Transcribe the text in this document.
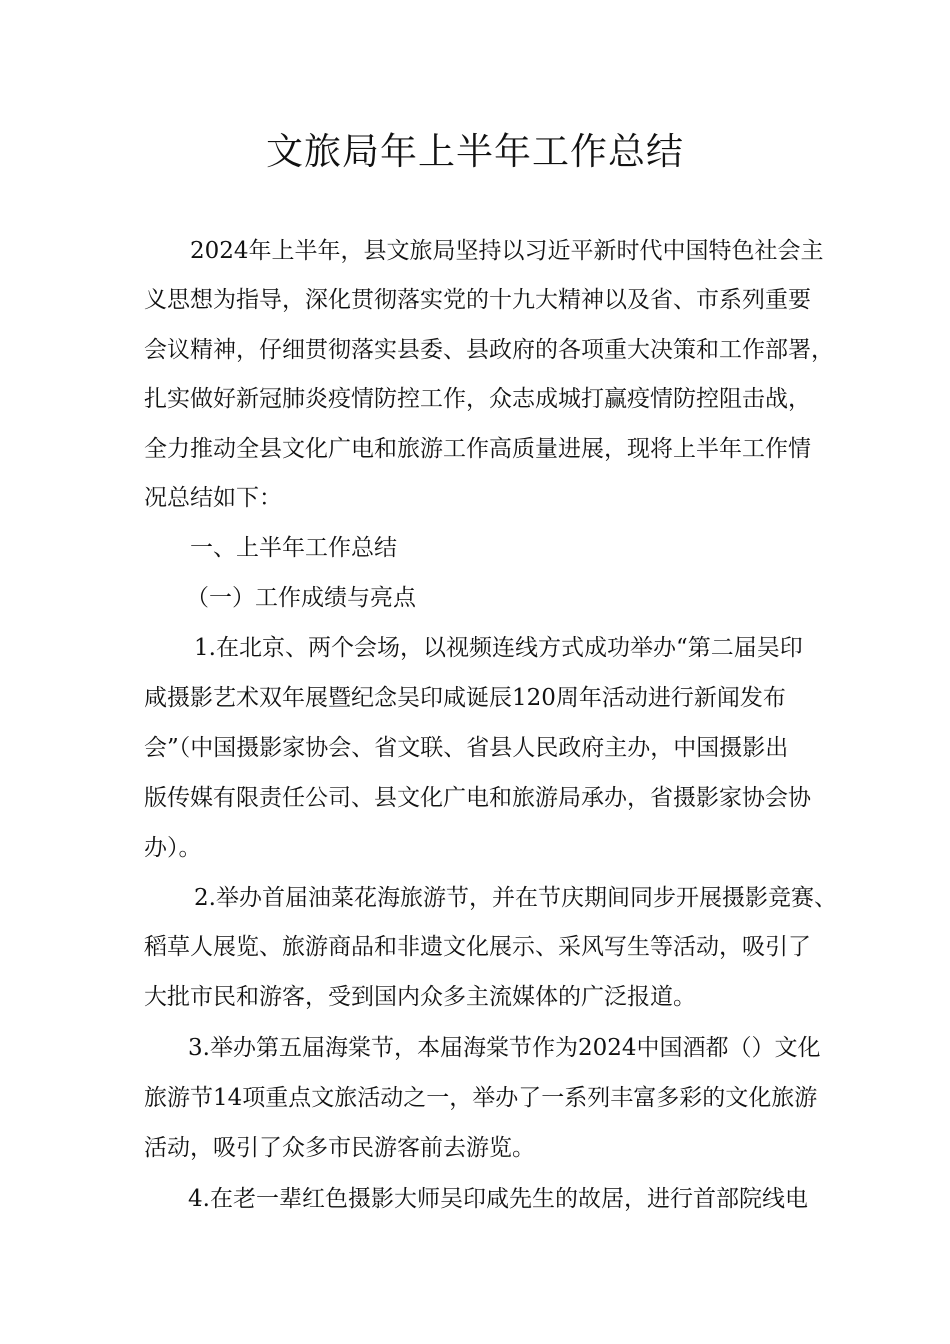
文旅局年上半年工作总结

2024年上半年，县文旅局坚持以习近平新时代中国特色社会主

义思想为指导，深化贯彻落实党的十九大精神以及省、市系列重要

会议精神，仔细贯彻落实县委、县政府的各项重大决策和工作部署，

扎实做好新冠肺炎疫情防控工作，众志成城打赢疫情防控阻击战，

全力推动全县文化广电和旅游工作高质量进展，现将上半年工作情

况总结如下：

一、上半年工作总结

（一）工作成绩与亮点

1.在北京、两个会场，以视频连线方式成功举办“第二届吴印

咸摄影艺术双年展暨纪念吴印咸诞辰120周年活动进行新闻发布

会”（中国摄影家协会、省文联、省县人民政府主办，中国摄影出

版传媒有限责任公司、县文化广电和旅游局承办，省摄影家协会协

办）。

2.举办首届油菜花海旅游节，并在节庆期间同步开展摄影竞赛、

稻草人展览、旅游商品和非遗文化展示、采风写生等活动，吸引了

大批市民和游客，受到国内众多主流媒体的广泛报道。

3.举办第五届海棠节，本届海棠节作为2024中国酒都（）文化

旅游节14项重点文旅活动之一，举办了一系列丰富多彩的文化旅游

活动，吸引了众多市民游客前去游览。

4.在老一辈红色摄影大师吴印咸先生的故居，进行首部院线电
